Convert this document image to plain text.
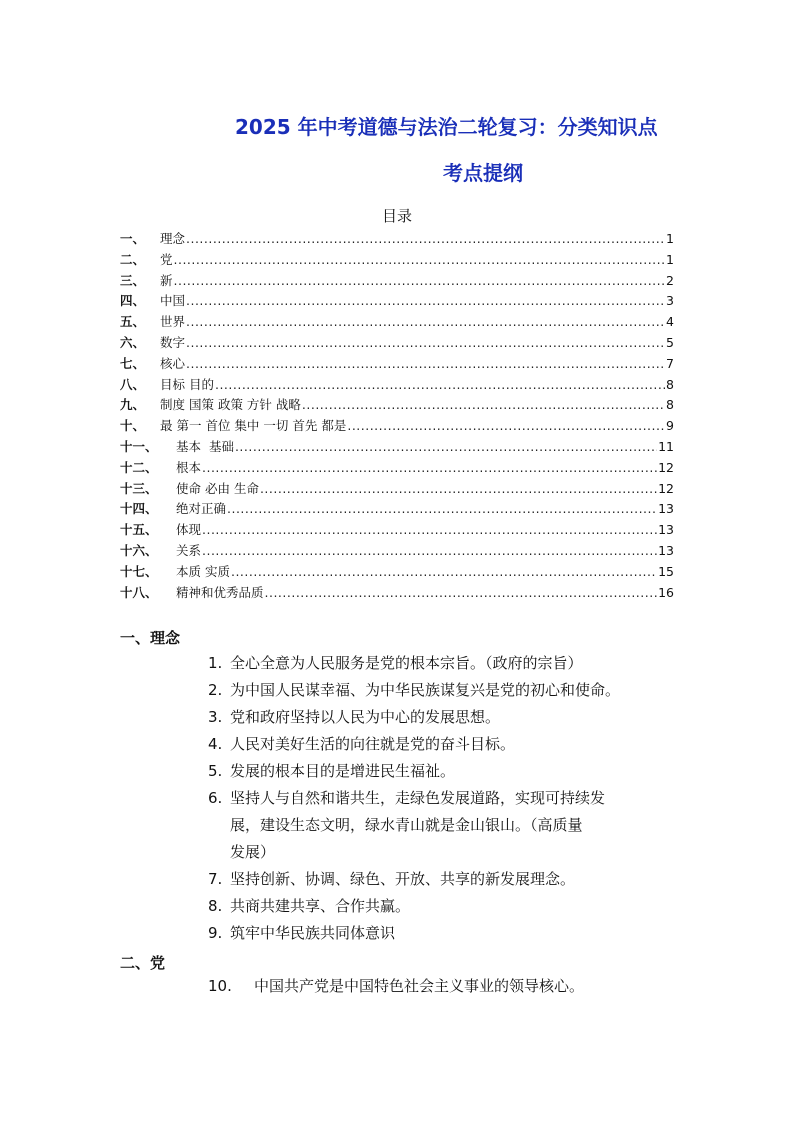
2025 年中考道德与法治二轮复习：分类知识点
考点提纲
目录
一、	理念 .....	1
二、	党 .....	1
三、	新 .....	2
四、	中国 .....	3
五、	世界 .....	4
六、	数字 .....	5
七、	核心 .....	7
八、	目标 目的 .....	8
九、	制度 国策 政策 方针 战略 .....	8
十、	最 第一 首位 集中 一切 首先 都是 .....	9
十一、	基本  基础 .....	11
十二、	根本 .....	12
十三、	使命 必由 生命 .....	12
十四、	绝对正确 .....	13
十五、	体现 .....	13
十六、	关系 .....	13
十七、	本质 实质 .....	15
十八、	精神和优秀品质 .....	16
一、理念
1. 全心全意为人民服务是党的根本宗旨。（政府的宗旨）
2. 为中国人民谋幸福、为中华民族谋复兴是党的初心和使命。
3. 党和政府坚持以人民为中心的发展思想。
4. 人民对美好生活的向往就是党的奋斗目标。
5. 发展的根本目的是增进民生福祉。
6. 坚持人与自然和谐共生，走绿色发展道路，实现可持续发
展，建设生态文明，绿水青山就是金山银山。（高质量
发展）
7. 坚持创新、协调、绿色、开放、共享的新发展理念。
8. 共商共建共享、合作共赢。
9. 筑牢中华民族共同体意识
二、党
10.	中国共产党是中国特色社会主义事业的领导核心。
